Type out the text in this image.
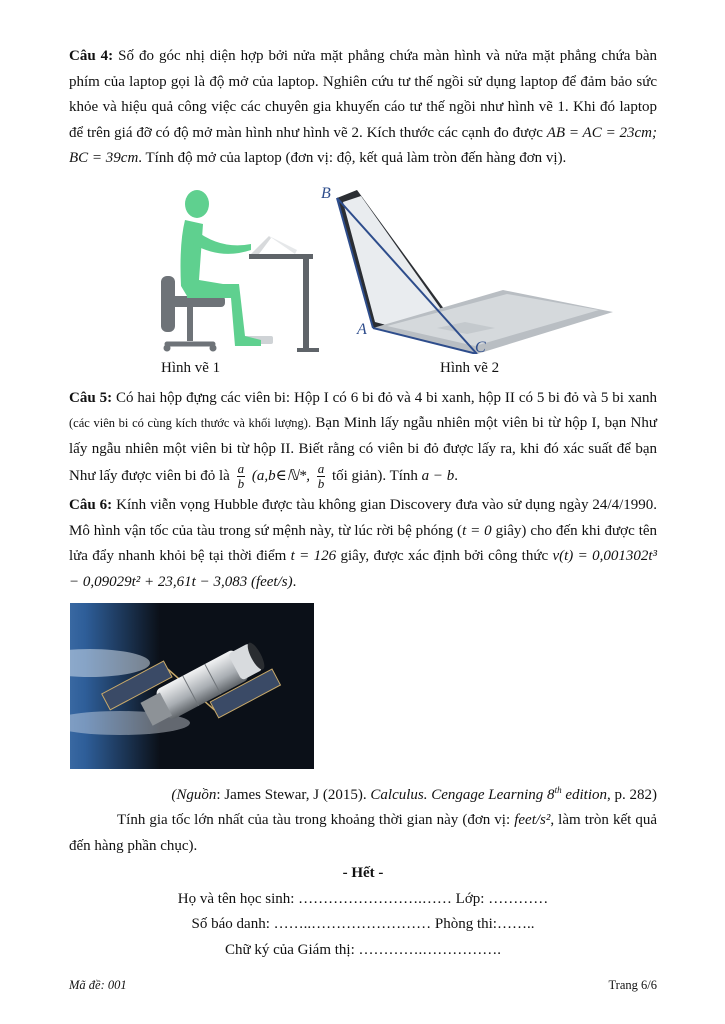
Câu 4: Số đo góc nhị diện hợp bởi nửa mặt phẳng chứa màn hình và nửa mặt phẳng chứa bàn phím của laptop gọi là độ mở của laptop. Nghiên cứu tư thế ngồi sử dụng laptop để đảm bảo sức khỏe và hiệu quả công việc các chuyên gia khuyến cáo tư thế ngồi như hình vẽ 1. Khi đó laptop để trên giá đỡ có độ mở màn hình như hình vẽ 2. Kích thước các cạnh đo được AB = AC = 23cm; BC = 39cm. Tính độ mở của laptop (đơn vị: độ, kết quả làm tròn đến hàng đơn vị).

B
A
C
Hình vẽ 1	Hình vẽ 2

Câu 5: Có hai hộp đựng các viên bi: Hộp I có 6 bi đỏ và 4 bi xanh, hộp II có 5 bi đỏ và 5 bi xanh (các viên bi có cùng kích thước và khối lượng). Bạn Minh lấy ngẫu nhiên một viên bi từ hộp I, bạn Như lấy ngẫu nhiên một viên bi từ hộp II. Biết rằng có viên bi đỏ được lấy ra, khi đó xác suất để bạn Như lấy được viên bi đỏ là $\frac{a}{b}$ (a,b∈ℕ*, $\frac{a}{b}$ tối giản). Tính a − b.

Câu 6: Kính viễn vọng Hubble được tàu không gian Discovery đưa vào sử dụng ngày 24/4/1990. Mô hình vận tốc của tàu trong sứ mệnh này, từ lúc rời bệ phóng (t = 0 giây) cho đến khi được tên lửa đẩy nhanh khỏi bệ tại thời điểm t = 126 giây, được xác định bởi công thức v(t) = 0,001302t³ − 0,09029t² + 23,61t − 3,083 (feet/s).

(Nguồn: James Stewar, J (2015). Calculus. Cengage Learning 8th edition, p. 282)

Tính gia tốc lớn nhất của tàu trong khoảng thời gian này (đơn vị: feet/s², làm tròn kết quả đến hàng phần chục).

- Hết -

Họ và tên học sinh: …………………….…… Lớp: …………

Số báo danh: ……..…………………… Phòng thi:……..

Chữ ký của Giám thị: ………….…………….

Mã đề: 001	Trang 6/6
